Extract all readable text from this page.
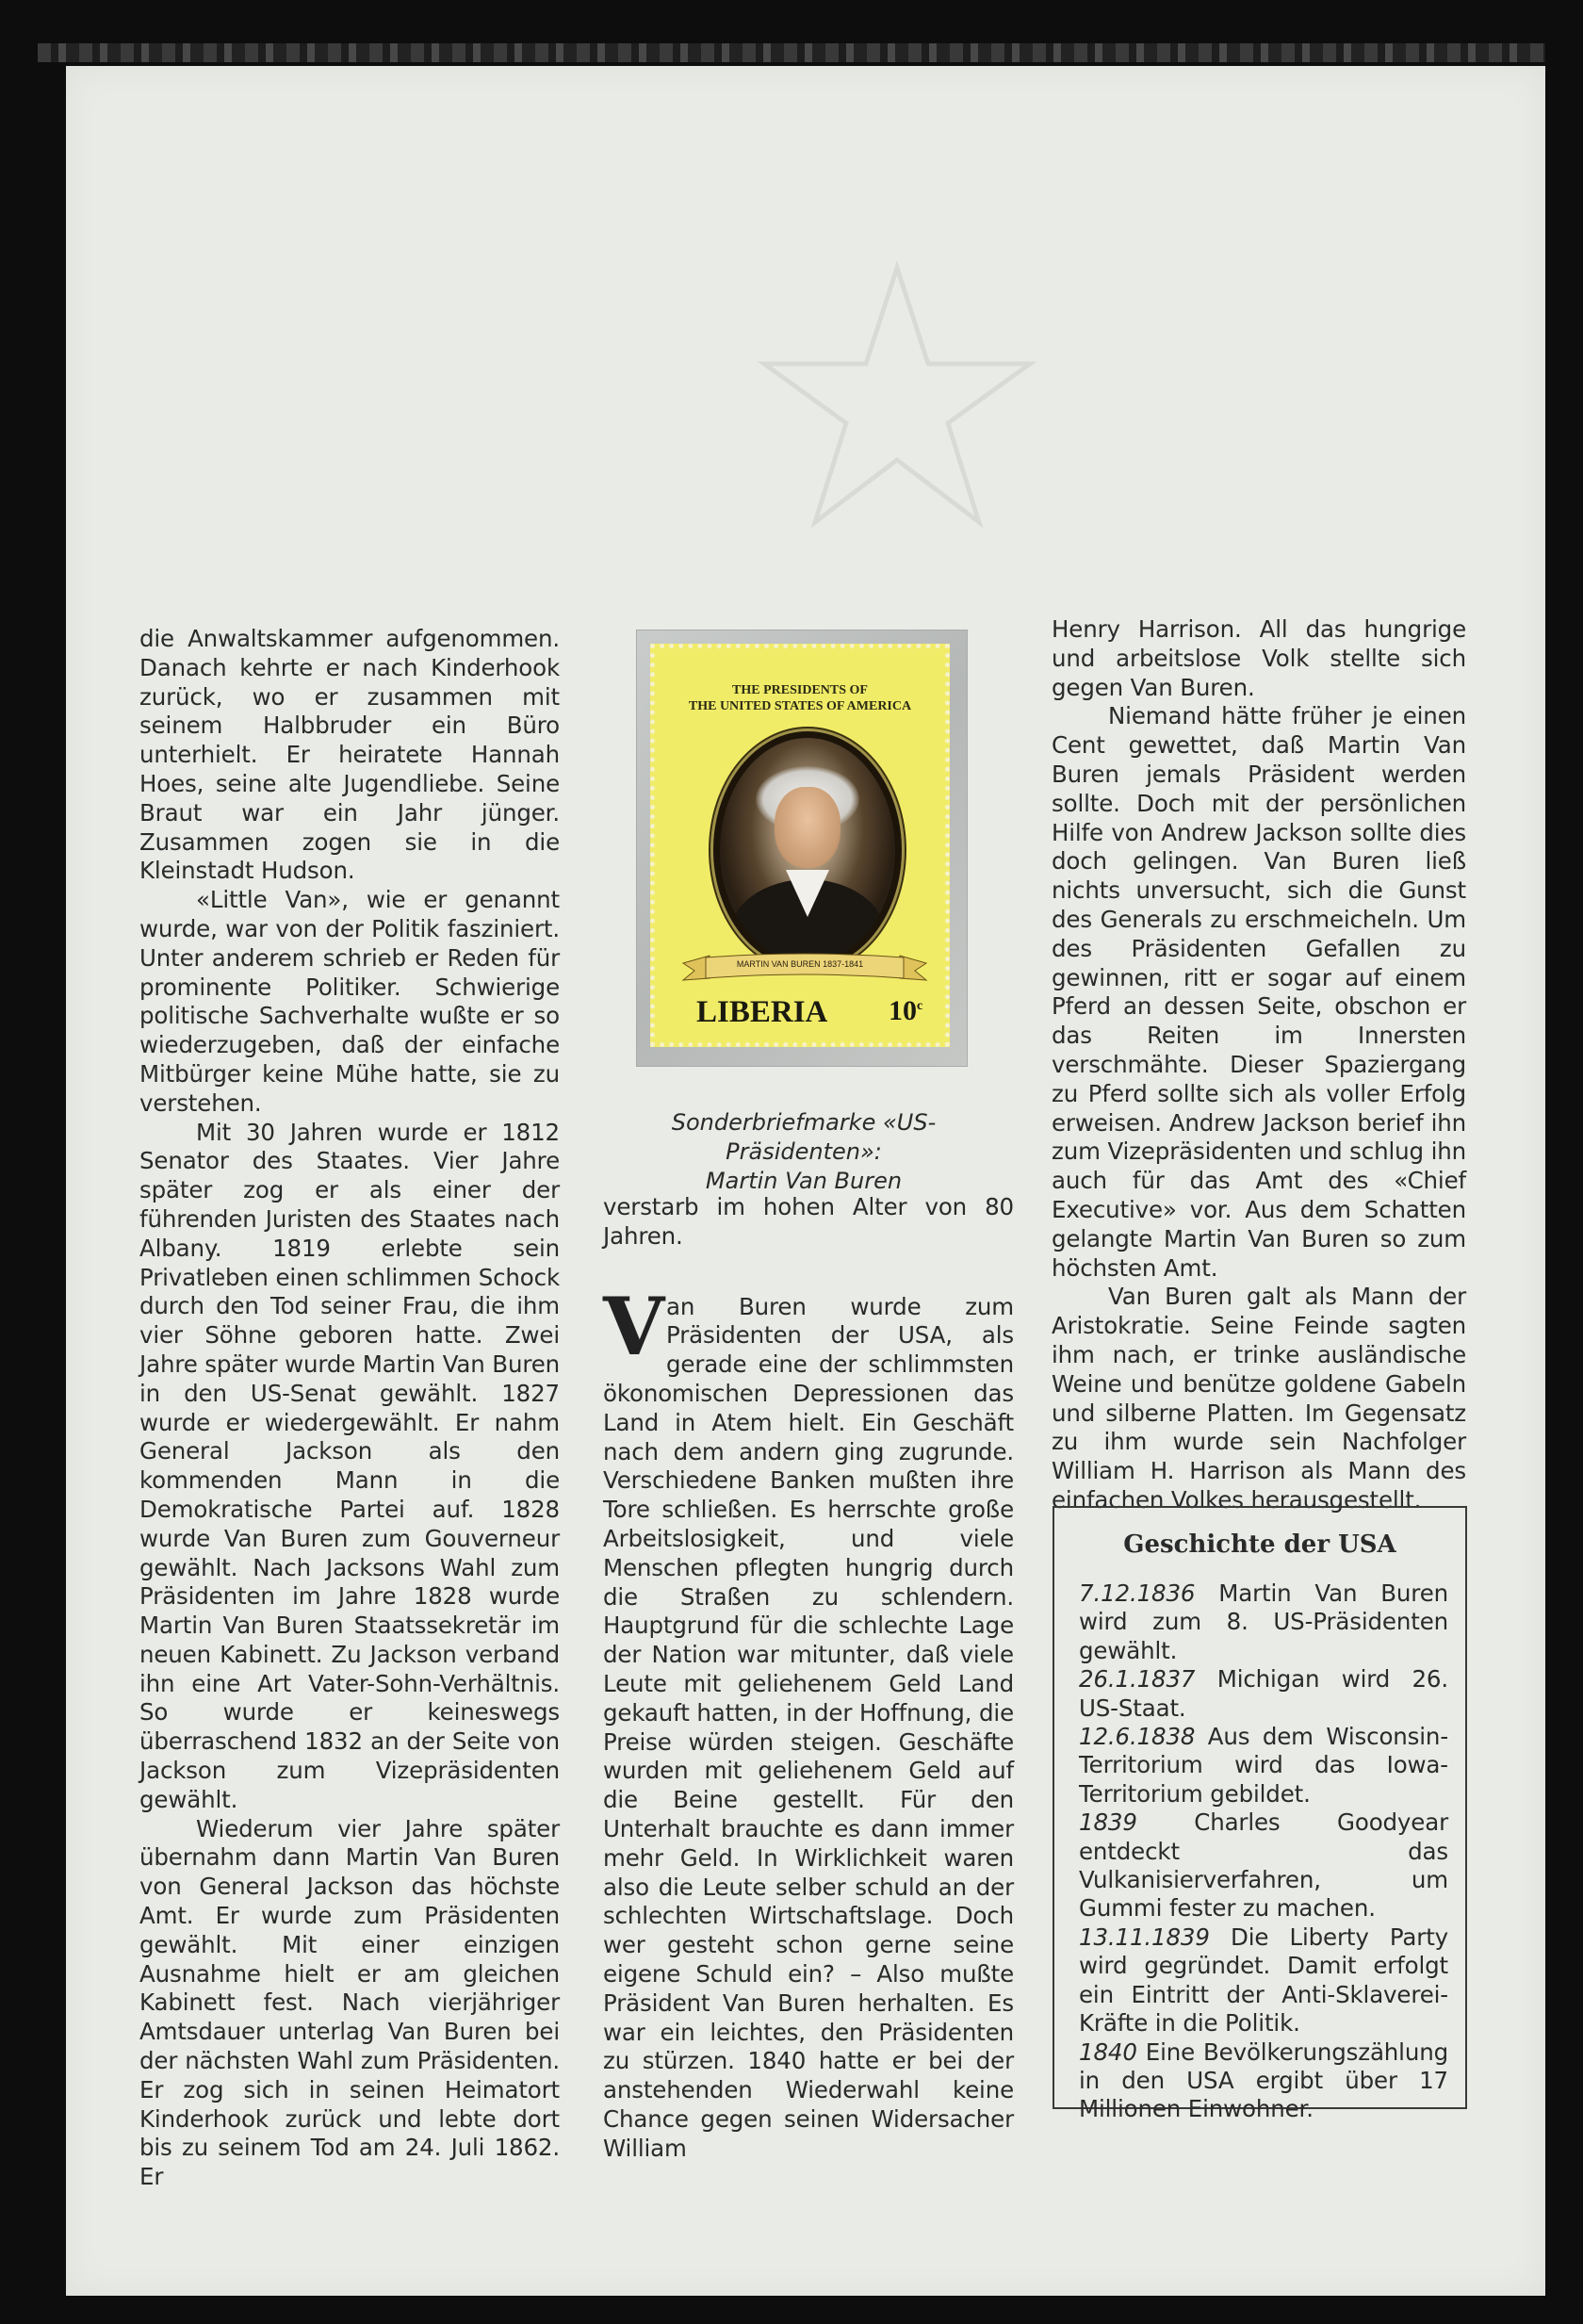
die Anwaltskammer aufgenommen. Danach kehrte er nach Kinderhook zurück, wo er zusammen mit seinem Halbbruder ein Büro unterhielt. Er heiratete Hannah Hoes, seine alte Jugendliebe. Seine Braut war ein Jahr jünger. Zusammen zogen sie in die Kleinstadt Hudson.

«Little Van», wie er genannt wurde, war von der Politik fasziniert. Unter anderem schrieb er Reden für prominente Politiker. Schwierige politische Sachverhalte wußte er so wiederzugeben, daß der einfache Mitbürger keine Mühe hatte, sie zu verstehen.

Mit 30 Jahren wurde er 1812 Senator des Staates. Vier Jahre später zog er als einer der führenden Juristen des Staates nach Albany. 1819 erlebte sein Privatleben einen schlimmen Schock durch den Tod seiner Frau, die ihm vier Söhne geboren hatte. Zwei Jahre später wurde Martin Van Buren in den US-Senat gewählt. 1827 wurde er wiedergewählt. Er nahm General Jackson als den kommenden Mann in die Demokratische Partei auf. 1828 wurde Van Buren zum Gouverneur gewählt. Nach Jacksons Wahl zum Präsidenten im Jahre 1828 wurde Martin Van Buren Staatssekretär im neuen Kabinett. Zu Jackson verband ihn eine Art Vater-Sohn-Verhältnis. So wurde er keineswegs überraschend 1832 an der Seite von Jackson zum Vizepräsidenten gewählt.

Wiederum vier Jahre später übernahm dann Martin Van Buren von General Jackson das höchste Amt. Er wurde zum Präsidenten gewählt. Mit einer einzigen Ausnahme hielt er am gleichen Kabinett fest. Nach vierjähriger Amtsdauer unterlag Van Buren bei der nächsten Wahl zum Präsidenten. Er zog sich in seinen Heimatort Kinderhook zurück und lebte dort bis zu seinem Tod am 24. Juli 1862. Er

THE PRESIDENTS OF
THE UNITED STATES OF AMERICA
MARTIN VAN BUREN 1837-1841
LIBERIA 10$^c$
Sonderbriefmarke «US-Präsidenten»:
Martin Van Buren

verstarb im hohen Alter von 80 Jahren.

Van Buren wurde zum Präsidenten der USA, als gerade eine der schlimmsten ökonomischen Depressionen das Land in Atem hielt. Ein Geschäft nach dem andern ging zugrunde. Verschiedene Banken mußten ihre Tore schließen. Es herrschte große Arbeitslosigkeit, und viele Menschen pflegten hungrig durch die Straßen zu schlendern. Hauptgrund für die schlechte Lage der Nation war mitunter, daß viele Leute mit geliehenem Geld Land gekauft hatten, in der Hoffnung, die Preise würden steigen. Geschäfte wurden mit geliehenem Geld auf die Beine gestellt. Für den Unterhalt brauchte es dann immer mehr Geld. In Wirklichkeit waren also die Leute selber schuld an der schlechten Wirtschaftslage. Doch wer gesteht schon gerne seine eigene Schuld ein? – Also mußte Präsident Van Buren herhalten. Es war ein leichtes, den Präsidenten zu stürzen. 1840 hatte er bei der anstehenden Wiederwahl keine Chance gegen seinen Widersacher William

Henry Harrison. All das hungrige und arbeitslose Volk stellte sich gegen Van Buren.

Niemand hätte früher je einen Cent gewettet, daß Martin Van Buren jemals Präsident werden sollte. Doch mit der persönlichen Hilfe von Andrew Jackson sollte dies doch gelingen. Van Buren ließ nichts unversucht, sich die Gunst des Generals zu erschmeicheln. Um des Präsidenten Gefallen zu gewinnen, ritt er sogar auf einem Pferd an dessen Seite, obschon er das Reiten im Innersten verschmähte. Dieser Spaziergang zu Pferd sollte sich als voller Erfolg erweisen. Andrew Jackson berief ihn zum Vizepräsidenten und schlug ihn auch für das Amt des «Chief Executive» vor. Aus dem Schatten gelangte Martin Van Buren so zum höchsten Amt.

Van Buren galt als Mann der Aristokratie. Seine Feinde sagten ihm nach, er trinke ausländische Weine und benütze goldene Gabeln und silberne Platten. Im Gegensatz zu ihm wurde sein Nachfolger William H. Harrison als Mann des einfachen Volkes herausgestellt.

Geschichte der USA

7.12.1836 Martin Van Buren wird zum 8. US-Präsidenten gewählt.

26.1.1837 Michigan wird 26. US-Staat.

12.6.1838 Aus dem Wisconsin-Territorium wird das Iowa-Territorium gebildet.

1839 Charles Goodyear entdeckt das Vulkanisierverfahren, um Gummi fester zu machen.

13.11.1839 Die Liberty Party wird gegründet. Damit erfolgt ein Eintritt der Anti-Sklaverei-Kräfte in die Politik.

1840 Eine Bevölkerungszählung in den USA ergibt über 17 Millionen Einwohner.
